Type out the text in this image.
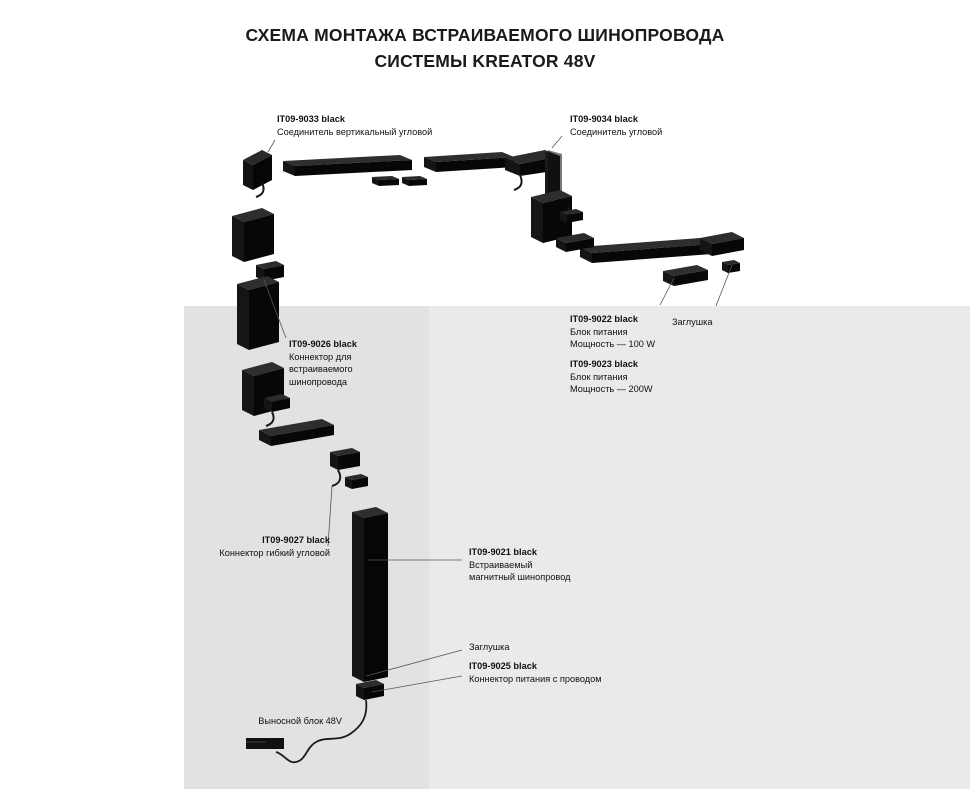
СХЕМА МОНТАЖА ВСТРАИВАЕМОГО ШИНОПРОВОДА
СИСТЕМЫ KREATOR 48V
IT09-9033 black
Соединитель вертикальный угловой
IT09-9034 black
Соединитель угловой
IT09-9022 black
Блок питания
Мощность — 100 W
IT09-9023 black
Блок питания
Мощность — 200W
Заглушка
IT09-9026 black
Коннектор для
встраиваемого
шинопровода
IT09-9027 black
Коннектор гибкий угловой	IT09-9021 black
Встраиваемый
магнитный шинопровод
Заглушка
IT09-9025 black
Коннектор питания с проводом
Выносной блок 48V
